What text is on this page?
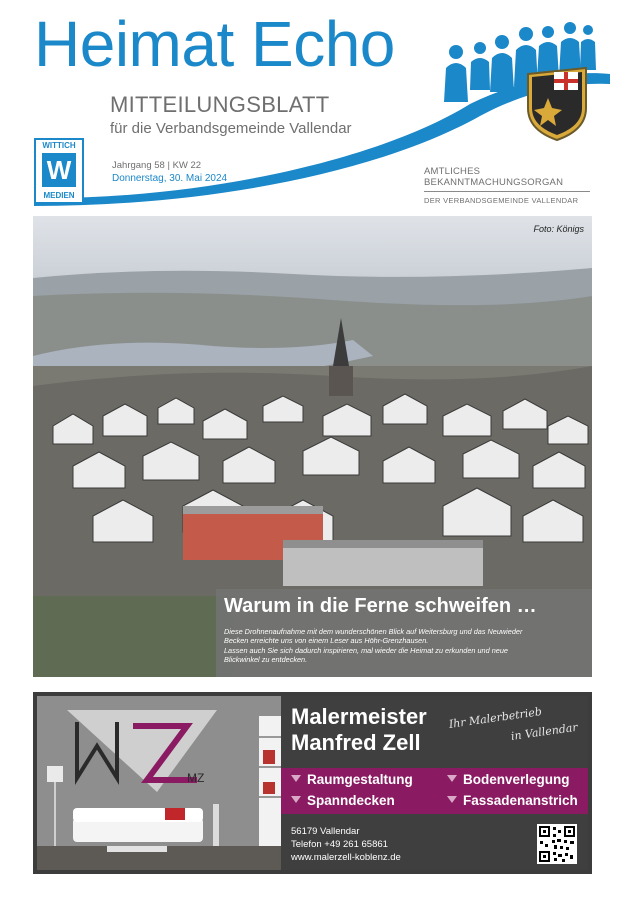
Heimat Echo
MITTEILUNGSBLATT
für die Verbandsgemeinde Vallendar
WITTICH
W
MEDIEN
Jahrgang 58 | KW 22
Donnerstag, 30. Mai 2024
AMTLICHES
BEKANNTMACHUNGSORGAN
DER VERBANDSGEMEINDE VALLENDAR
Foto: Königs
Warum in die Ferne schweifen …
Diese Drohnenaufnahme mit dem wunderschönen Blick auf Weitersburg und das Neuwieder
Becken erreichte uns von einem Leser aus Höhr-Grenzhausen.
Lassen auch Sie sich dadurch inspirieren, mal wieder die Heimat zu erkunden und neue
Blickwinkel zu entdecken.
MZ
Malermeister
Manfred Zell
Ihr Malerbetrieb
in Vallendar
Raumgestaltung	Bodenverlegung
Spanndecken	Fassadenanstrich
56179 Vallendar
Telefon +49 261 65861
www.malerzell-koblenz.de
